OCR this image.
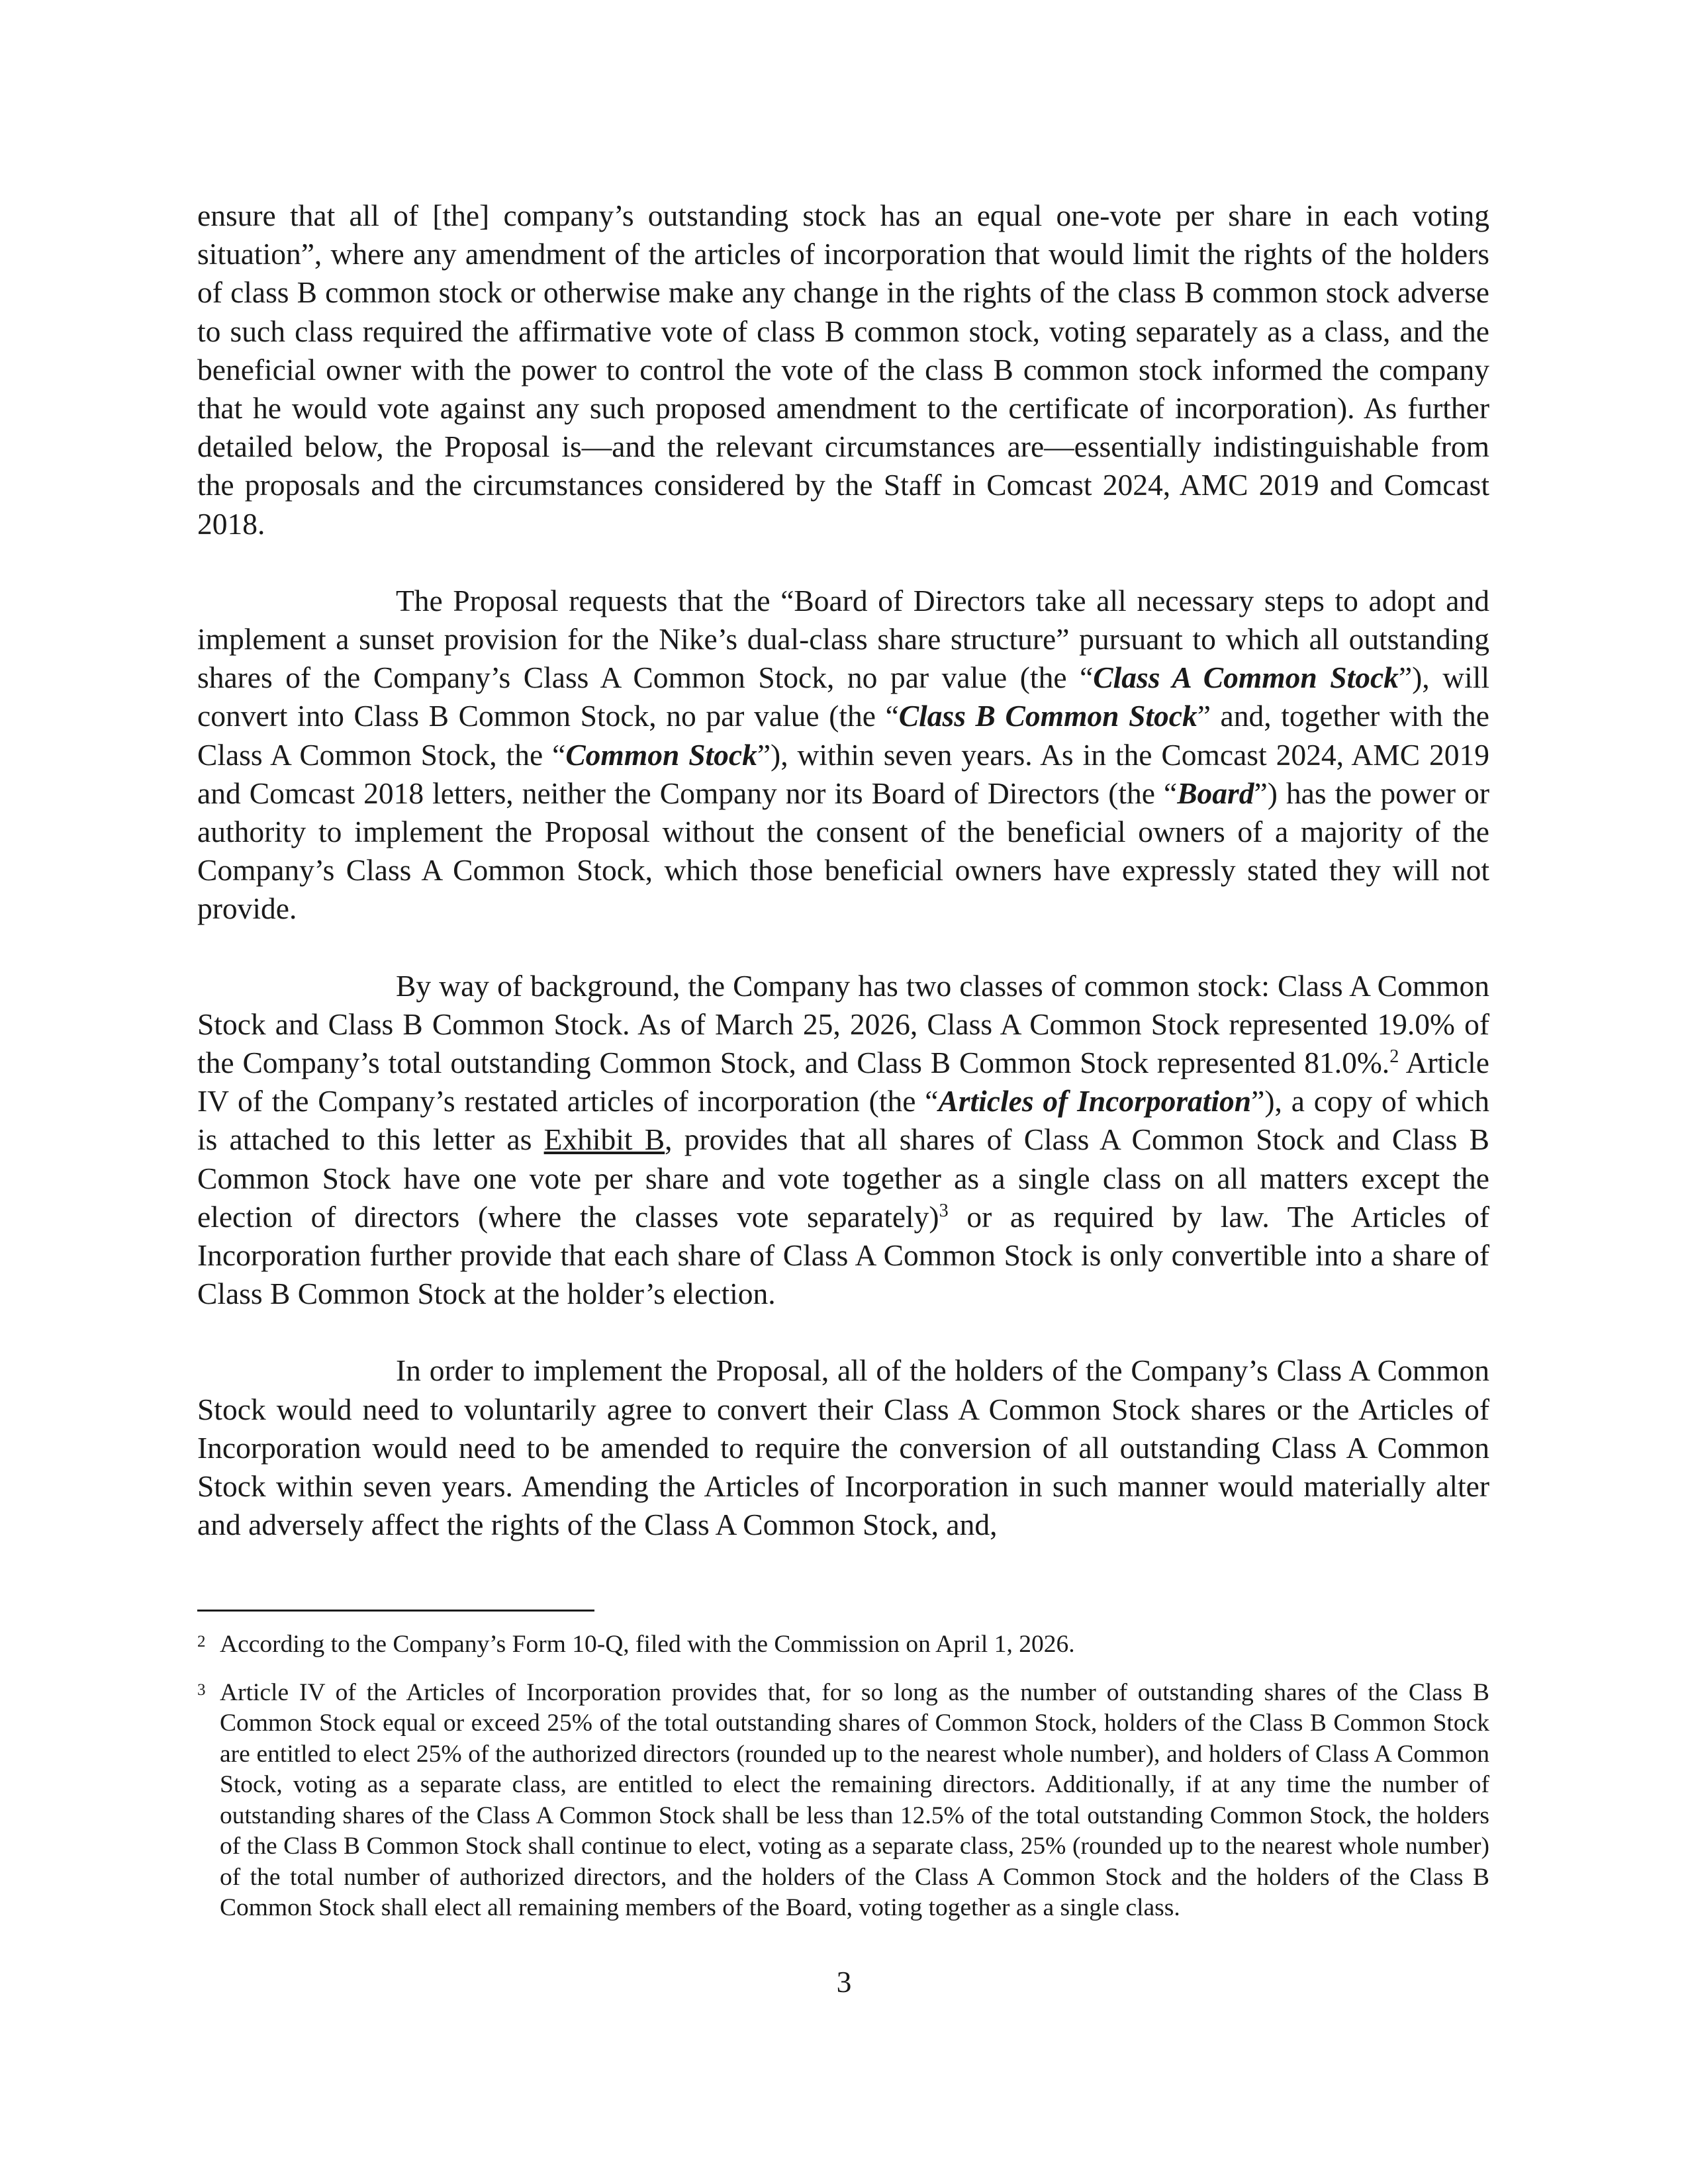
ensure that all of [the] company’s outstanding stock has an equal one-vote per share in each voting situation”, where any amendment of the articles of incorporation that would limit the rights of the holders of class B common stock or otherwise make any change in the rights of the class B common stock adverse to such class required the affirmative vote of class B common stock, voting separately as a class, and the beneficial owner with the power to control the vote of the class B common stock informed the company that he would vote against any such proposed amendment to the certificate of incorporation). As further detailed below, the Proposal is—and the relevant circumstances are—essentially indistinguishable from the proposals and the circumstances considered by the Staff in Comcast 2024, AMC 2019 and Comcast 2018.

The Proposal requests that the “Board of Directors take all necessary steps to adopt and implement a sunset provision for the Nike’s dual-class share structure” pursuant to which all outstanding shares of the Company’s Class A Common Stock, no par value (the “Class A Common Stock”), will convert into Class B Common Stock, no par value (the “Class B Common Stock” and, together with the Class A Common Stock, the “Common Stock”), within seven years. As in the Comcast 2024, AMC 2019 and Comcast 2018 letters, neither the Company nor its Board of Directors (the “Board”) has the power or authority to implement the Proposal without the consent of the beneficial owners of a majority of the Company’s Class A Common Stock, which those beneficial owners have expressly stated they will not provide.

By way of background, the Company has two classes of common stock: Class A Common Stock and Class B Common Stock. As of March 25, 2026, Class A Common Stock represented 19.0% of the Company’s total outstanding Common Stock, and Class B Common Stock represented 81.0%.$^2$ Article IV of the Company’s restated articles of incorporation (the “Articles of Incorporation”), a copy of which is attached to this letter as Exhibit B, provides that all shares of Class A Common Stock and Class B Common Stock have one vote per share and vote together as a single class on all matters except the election of directors (where the classes vote separately)$^3$ or as required by law. The Articles of Incorporation further provide that each share of Class A Common Stock is only convertible into a share of Class B Common Stock at the holder’s election.

In order to implement the Proposal, all of the holders of the Company’s Class A Common Stock would need to voluntarily agree to convert their Class A Common Stock shares or the Articles of Incorporation would need to be amended to require the conversion of all outstanding Class A Common Stock within seven years. Amending the Articles of Incorporation in such manner would materially alter and adversely affect the rights of the Class A Common Stock, and,

2 According to the Company’s Form 10-Q, filed with the Commission on April 1, 2026.

3 Article IV of the Articles of Incorporation provides that, for so long as the number of outstanding shares of the Class B Common Stock equal or exceed 25% of the total outstanding shares of Common Stock, holders of the Class B Common Stock are entitled to elect 25% of the authorized directors (rounded up to the nearest whole number), and holders of Class A Common Stock, voting as a separate class, are entitled to elect the remaining directors. Additionally, if at any time the number of outstanding shares of the Class A Common Stock shall be less than 12.5% of the total outstanding Common Stock, the holders of the Class B Common Stock shall continue to elect, voting as a separate class, 25% (rounded up to the nearest whole number) of the total number of authorized directors, and the holders of the Class A Common Stock and the holders of the Class B Common Stock shall elect all remaining members of the Board, voting together as a single class.

3
